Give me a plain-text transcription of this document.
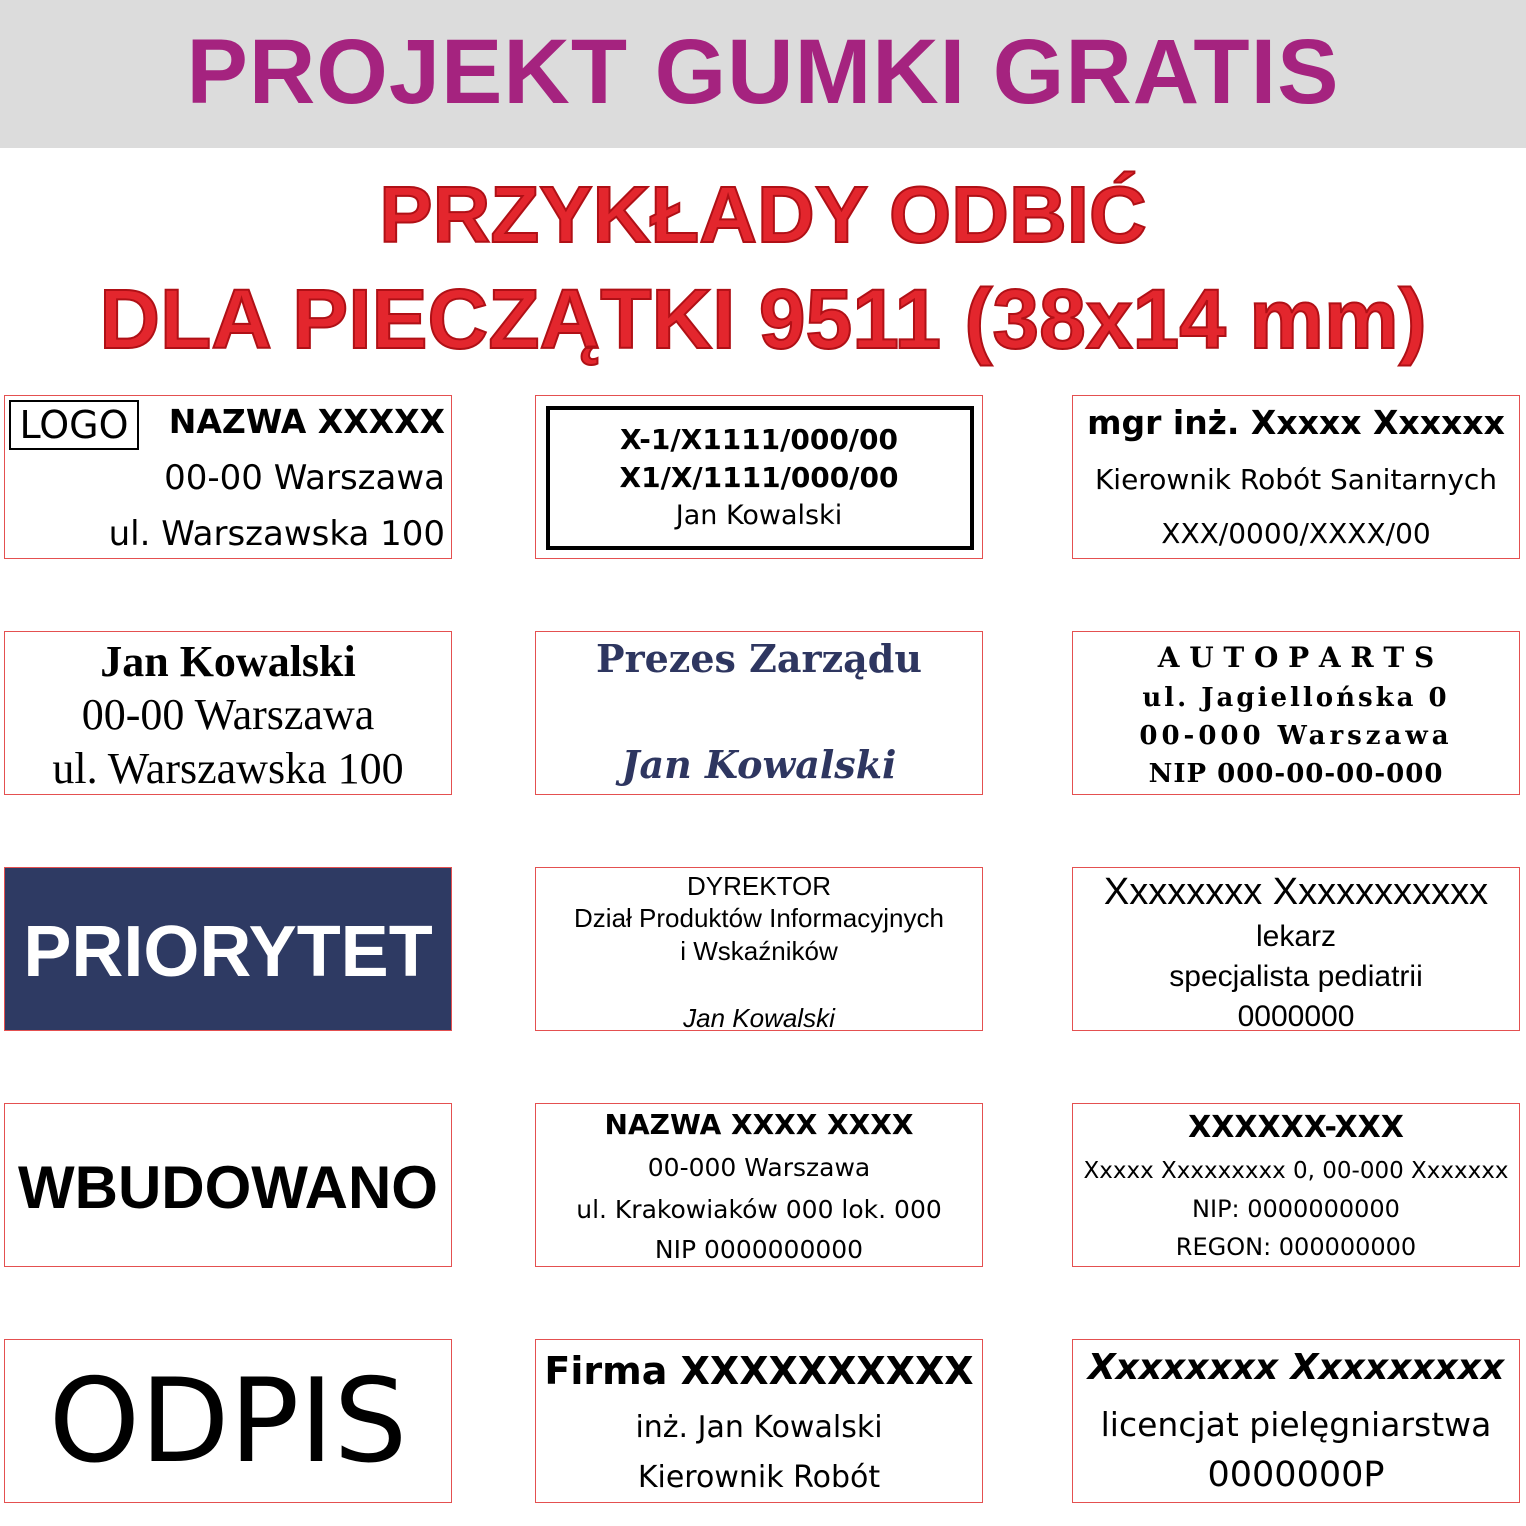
PROJEKT GUMKI GRATIS
PRZYKŁADY ODBIĆ
DLA PIECZĄTKI 9511 (38x14 mm)
LOGO	NAZWA XXXXX
00-00 Warszawa
ul. Warszawska 100
X-1/X1111/000/00
X1/X/1111/000/00
Jan Kowalski
mgr inż. Xxxxx Xxxxxx
Kierownik Robót Sanitarnych
XXX/0000/XXXX/00
Jan Kowalski
00-00 Warszawa
ul. Warszawska 100
Prezes Zarządu
Jan Kowalski
A U T O P A R T S
ul. Jagiellońska 0
00-000 Warszawa
NIP 000-00-00-000
PRIORYTET
DYREKTOR
Dział Produktów Informacyjnych
i Wskaźników
Jan Kowalski
Xxxxxxxx Xxxxxxxxxxx
lekarz
specjalista pediatrii
0000000
WBUDOWANO
NAZWA XXXX XXXX
00-000 Warszawa
ul. Krakowiaków 000 lok. 000
NIP 0000000000
XXXXXX-XXX
Xxxxx Xxxxxxxxx 0, 00-000 Xxxxxxx
NIP: 0000000000
REGON: 000000000
ODPIS	Firma XXXXXXXXXX
inż. Jan Kowalski
Kierownik Robót
Xxxxxxxx Xxxxxxxxx
licencjat pielęgniarstwa
0000000P
